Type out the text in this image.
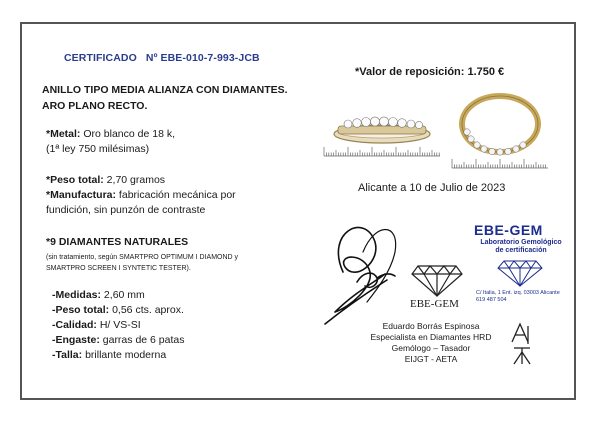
CERTIFICADO Nº EBE-010-7-993-JCB
ANILLO TIPO MEDIA ALIANZA CON DIAMANTES.
ARO PLANO RECTO.
*Metal: Oro blanco de 18 k,
(1ª ley 750 milésimas)
*Peso total: 2,70 gramos
*Manufactura: fabricación mecánica por
fundición, sin punzón de contraste
*9 DIAMANTES NATURALES
(sin tratamiento, según SMARTPRO OPTIMUM I DIAMOND y
SMARTPRO SCREEN I SYNTETIC TESTER).
-Medidas: 2,60 mm
-Peso total: 0,56 cts. aprox.
-Calidad: H/ VS-SI
-Engaste: garras de 6 patas
-Talla: brillante moderna
*Valor de reposición: 1.750 €
Alicante a 10 de Julio de 2023
EBE-GEM
EBE-GEM
Laboratorio Gemológico
de certificación
C/ Italia, 1 Ent. izq. 03003 Alicante
619 487 504
Eduardo Borrás Espinosa
Especialista en Diamantes HRD
Gemólogo – Tasador
EIJGT - AETA
